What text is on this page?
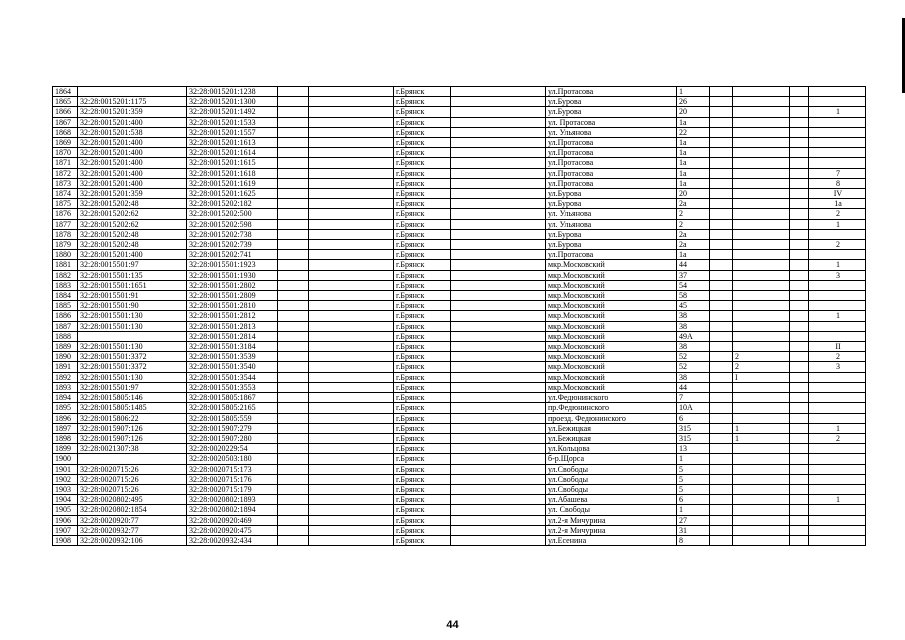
1864		32:28:0015201:1238			г.Брянск		ул.Протасова	1				
1865	32:28:0015201:1175	32:28:0015201:1300			г.Брянск		ул.Бурова	26				
1866	32:28:0015201:359	32:28:0015201:1492			г.Брянск		ул.Бурова	20				1
1867	32:28:0015201:400	32:28:0015201:1533			г.Брянск		ул. Протасова	1а				
1868	32:28:0015201:538	32:28:0015201:1557			г.Брянск		ул. Ульянова	22				
1869	32:28:0015201:400	32:28:0015201:1613			г.Брянск		ул.Протасова	1а				
1870	32:28:0015201:400	32:28:0015201:1614			г.Брянск		ул.Протасова	1а				
1871	32:28:0015201:400	32:28:0015201:1615			г.Брянск		ул.Протасова	1а				
1872	32:28:0015201:400	32:28:0015201:1618			г.Брянск		ул.Протасова	1а				7
1873	32:28:0015201:400	32:28:0015201:1619			г.Брянск		ул.Протасова	1а				8
1874	32:28:0015201:359	32:28:0015201:1625			г.Брянск		ул.Бурова	20				IV
1875	32:28:0015202:48	32:28:0015202:182			г.Брянск		ул.Бурова	2а				1а
1876	32:28:0015202:62	32:28:0015202:500			г.Брянск		ул. Ульянова	2				2
1877	32:28:0015202:62	32:28:0015202:598			г.Брянск		ул. Ульянова	2				1
1878	32:28:0015202:48	32:28:0015202:738			г.Брянск		ул.Бурова	2а				
1879	32:28:0015202:48	32:28:0015202:739			г.Брянск		ул.Бурова	2а				2
1880	32:28:0015201:400	32:28:0015202:741			г.Брянск		ул.Протасова	1а				
1881	32:28:0015501:97	32:28:0015501:1923			г.Брянск		мкр.Московский	44				1
1882	32:28:0015501:135	32:28:0015501:1930			г.Брянск		мкр.Московский	37				3
1883	32:28:0015501:1651	32:28:0015501:2802			г.Брянск		мкр.Московский	54				
1884	32:28:0015501:91	32:28:0015501:2809			г.Брянск		мкр.Московский	58				
1885	32:28:0015501:90	32:28:0015501:2810			г.Брянск		мкр.Московский	45				
1886	32:28:0015501:130	32:28:0015501:2812			г.Брянск		мкр.Московский	38				1
1887	32:28:0015501:130	32:28:0015501:2813			г.Брянск		мкр.Московский	38				
1888		32:28:0015501:2814			г.Брянск		мкр.Московский	49А				
1889	32:28:0015501:130	32:28:0015501:3184			г.Брянск		мкр.Московский	38				II
1890	32:28:0015501:3372	32:28:0015501:3539			г.Брянск		мкр.Московский	52		2		2
1891	32:28:0015501:3372	32:28:0015501:3540			г.Брянск		мкр.Московский	52		2		3
1892	32:28:0015501:130	32:28:0015501:3544			г.Брянск		мкр.Московский	38		I		
1893	32:28:0015501:97	32:28:0015501:3553			г.Брянск		мкр.Московский	44				
1894	32:28:0015805:146	32:28:0015805:1867			г.Брянск		ул.Федюнинского	7				
1895	32:28:0015805:1485	32:28:0015805:2165			г.Брянск		пр.Федюнинского	10А				
1896	32:28:0015806:22	32:28:0015805:559			г.Брянск		проезд. Федюнинского	6				
1897	32:28:0015907:126	32:28:0015907:279			г.Брянск		ул.Бежицкая	315		1		1
1898	32:28:0015907:126	32:28:0015907:280			г.Брянск		ул.Бежицкая	315		1		2
1899	32:28:0021307:38	32:28:0020229:54			г.Брянск		ул.Кольцова	13				
1900		32:28:0020503:180			г.Брянск		б-р.Щорса	1				
1901	32:28:0020715:26	32:28:0020715:173			г.Брянск		ул.Свободы	5				
1902	32:28:0020715:26	32:28:0020715:176			г.Брянск		ул.Свободы	5				
1903	32:28:0020715:26	32:28:0020715:179			г.Брянск		ул.Свободы	5				
1904	32:28:0020802:495	32:28:0020802:1893			г.Брянск		ул.Абашева	6				1
1905	32:28:0020802:1854	32:28:0020802:1894			г.Брянск		ул. Свободы	1				
1906	32:28:0020920:77	32:28:0020920:469			г.Брянск		ул.2-я Мичурина	27				
1907	32:28:0020932:77	32:28:0020920:475			г.Брянск		ул.2-я Мичурина	31				
1908	32:28:0020932:106	32:28:0020932:434			г.Брянск		ул.Есенина	8				
44
